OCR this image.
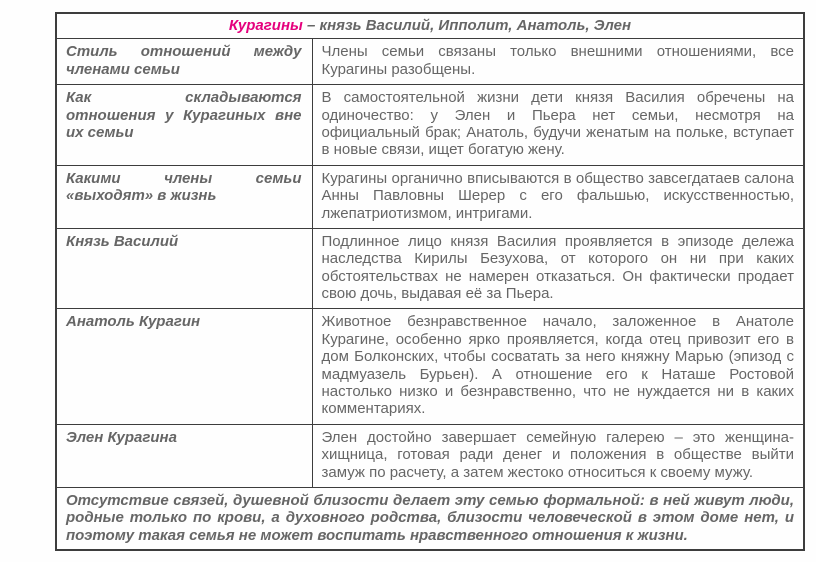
Курагины – князь Василий, Ипполит, Анатоль, Элен	
Стиль отношений между членами семьи	Члены семьи связаны только внешними отношениями, все Курагины разобщены.
Как складываются отношения у Курагиных вне их семьи	В самостоятельной жизни дети князя Василия обречены на одиночество: у Элен и Пьера нет семьи, несмотря на официальный брак; Анатоль, будучи женатым на польке, вступает в новые связи, ищет богатую жену.
Какими члены семьи «выходят» в жизнь	Курагины органично вписываются в общество завсегдатаев салона Анны Павловны Шерер с его фальшью, искусственностью, лжепатриотизмом, интригами.
Князь Василий	Подлинное лицо князя Василия проявляется в эпизоде дележа наследства Кирилы Безухова, от которого он ни при каких обстоятельствах не намерен отказаться. Он фактически продает свою дочь, выдавая её за Пьера.
Анатоль Курагин	Животное безнравственное начало, заложенное в Анатоле Курагине, особенно ярко проявляется, когда отец привозит его в дом Болконских, чтобы сосватать за него княжну Марью (эпизод с мадмуазель Бурьен). А отношение его к Наташе Ростовой настолько низко и безнравственно, что не нуждается ни в каких комментариях.
Элен Курагина	Элен достойно завершает семейную галерею – это женщина-хищница, готовая ради денег и положения в обществе выйти замуж по расчету, а затем жестоко относиться к своему мужу.
Отсутствие связей, душевной близости делает эту семью формальной: в ней живут люди, родные только по крови, а духовного родства, близости человеческой в этом доме нет, и поэтому такая семья не может воспитать нравственного отношения к жизни.	
